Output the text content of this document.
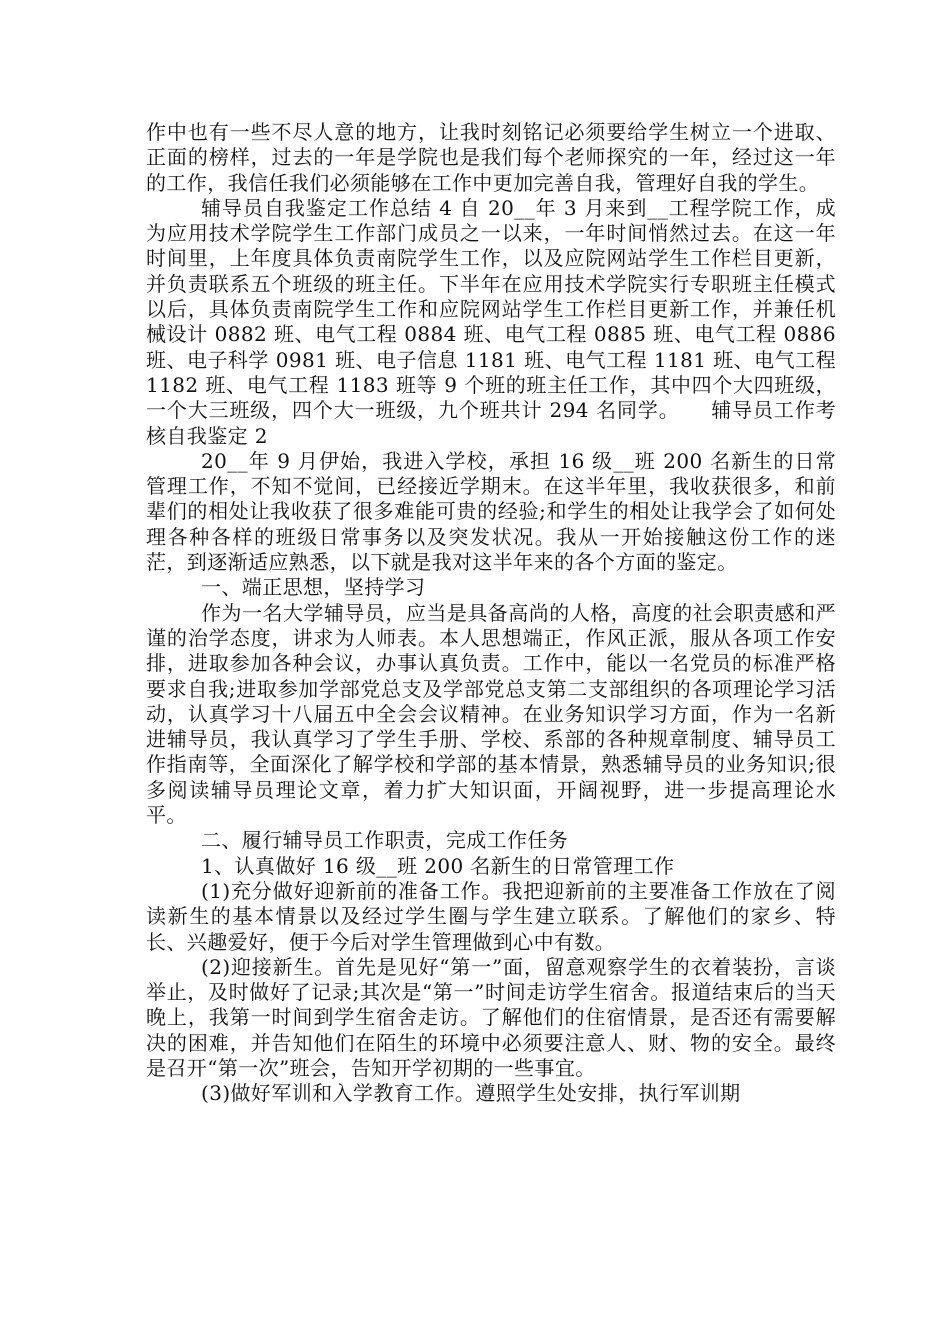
作中也有一些不尽人意的地方，让我时刻铭记必须要给学生树立一个进取、正面的榜样，过去的一年是学院也是我们每个老师探究的一年，经过这一年的工作，我信任我们必须能够在工作中更加完善自我，管理好自我的学生。

辅导员自我鉴定工作总结 4 自 20__年 3 月来到__工程学院工作，成为应用技术学院学生工作部门成员之一以来，一年时间悄然过去。在这一年时间里，上年度具体负责南院学生工作，以及应院网站学生工作栏目更新，并负责联系五个班级的班主任。下半年在应用技术学院实行专职班主任模式以后，具体负责南院学生工作和应院网站学生工作栏目更新工作，并兼任机械设计 0882 班、电气工程 0884 班、电气工程 0885 班、电气工程 0886 班、电子科学 0981 班、电子信息 1181 班、电气工程 1181 班、电气工程 1182 班、电气工程 1183 班等 9 个班的班主任工作，其中四个大四班级，一个大三班级，四个大一班级，九个班共计 294 名同学。　　辅导员工作考核自我鉴定 2

20__年 9 月伊始，我进入学校，承担 16 级__班 200 名新生的日常管理工作，不知不觉间，已经接近学期末。在这半年里，我收获很多，和前辈们的相处让我收获了很多难能可贵的经验;和学生的相处让我学会了如何处理各种各样的班级日常事务以及突发状况。我从一开始接触这份工作的迷茫，到逐渐适应熟悉，以下就是我对这半年来的各个方面的鉴定。

一、端正思想，坚持学习

作为一名大学辅导员，应当是具备高尚的人格，高度的社会职责感和严谨的治学态度，讲求为人师表。本人思想端正，作风正派，服从各项工作安排，进取参加各种会议，办事认真负责。工作中，能以一名党员的标准严格要求自我;进取参加学部党总支及学部党总支第二支部组织的各项理论学习活动，认真学习十八届五中全会会议精神。在业务知识学习方面，作为一名新进辅导员，我认真学习了学生手册、学校、系部的各种规章制度、辅导员工作指南等，全面深化了解学校和学部的基本情景，熟悉辅导员的业务知识;很多阅读辅导员理论文章，着力扩大知识面，开阔视野，进一步提高理论水平。

二、履行辅导员工作职责，完成工作任务

1、认真做好 16 级__班 200 名新生的日常管理工作

(1)充分做好迎新前的准备工作。我把迎新前的主要准备工作放在了阅读新生的基本情景以及经过学生圈与学生建立联系。了解他们的家乡、特长、兴趣爱好，便于今后对学生管理做到心中有数。

(2)迎接新生。首先是见好“第一”面，留意观察学生的衣着装扮，言谈举止，及时做好了记录;其次是“第一”时间走访学生宿舍。报道结束后的当天晚上，我第一时间到学生宿舍走访。了解他们的住宿情景，是否还有需要解决的困难，并告知他们在陌生的环境中必须要注意人、财、物的安全。最终是召开“第一次”班会，告知开学初期的一些事宜。

(3)做好军训和入学教育工作。遵照学生处安排，执行军训期
